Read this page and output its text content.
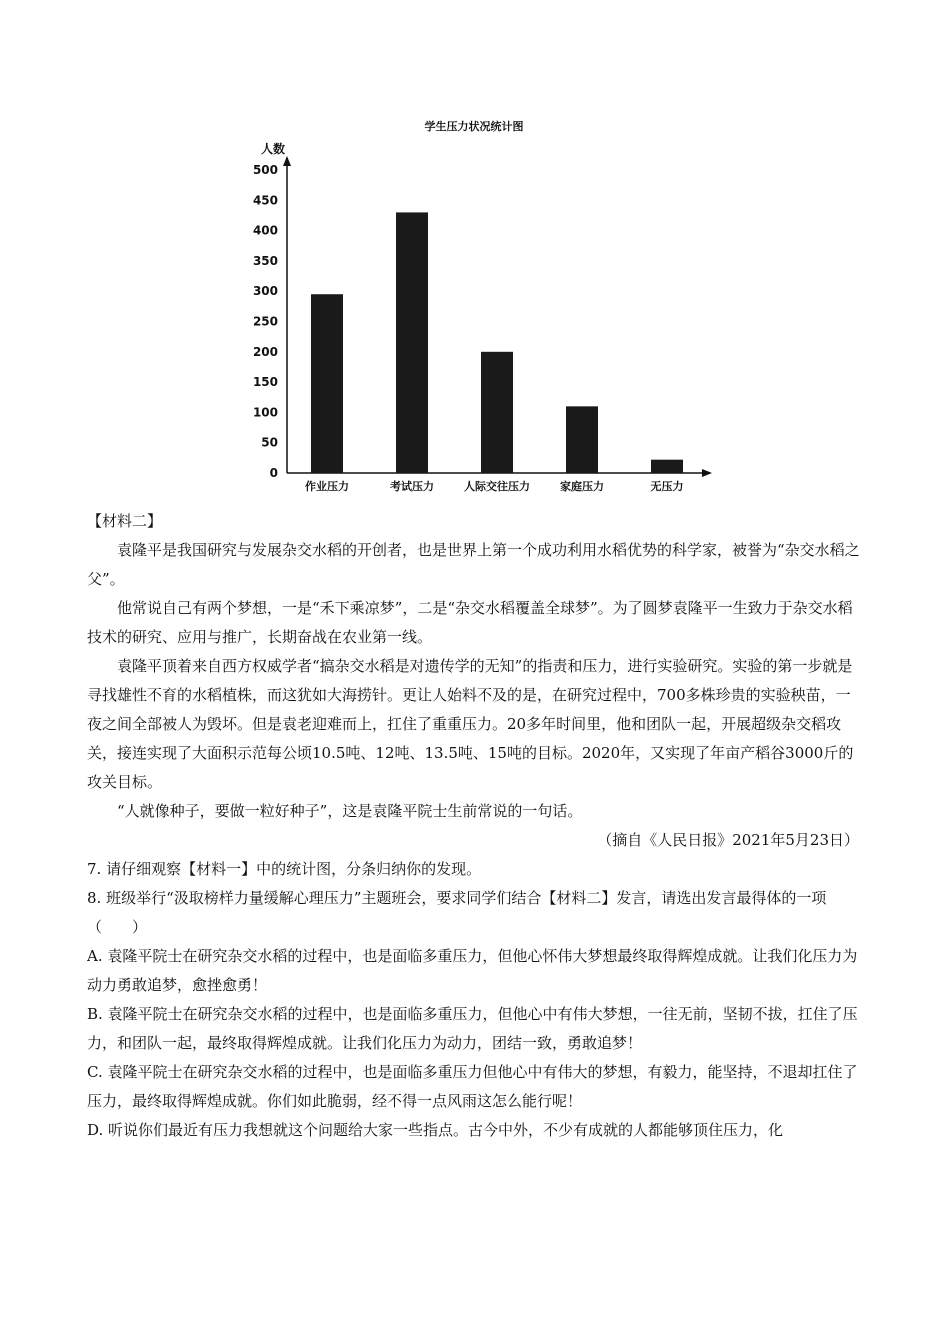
学生压力状况统计图
人数
0
50
100
150
200
250
300
350
400
450
500
作业压力	考试压力	人际交往压力	家庭压力	无压力

【材料二】

袁隆平是我国研究与发展杂交水稻的开创者，也是世界上第一个成功利用水稻优势的科学家，被誉为“杂交水稻之父”。

他常说自己有两个梦想，一是“禾下乘凉梦”，二是“杂交水稻覆盖全球梦”。为了圆梦袁隆平一生致力于杂交水稻技术的研究、应用与推广，长期奋战在农业第一线。

袁隆平顶着来自西方权威学者“搞杂交水稻是对遗传学的无知”的指责和压力，进行实验研究。实验的第一步就是寻找雄性不育的水稻植株，而这犹如大海捞针。更让人始料不及的是，在研究过程中，700多株珍贵的实验秧苗，一夜之间全部被人为毁坏。但是袁老迎难而上，扛住了重重压力。20多年时间里，他和团队一起，开展超级杂交稻攻关，接连实现了大面积示范每公顷10.5吨、12吨、13.5吨、15吨的目标。2020年，又实现了年亩产稻谷3000斤的攻关目标。

“人就像种子，要做一粒好种子”，这是袁隆平院士生前常说的一句话。

（摘自《人民日报》2021年5月23日）

7. 请仔细观察【材料一】中的统计图，分条归纳你的发现。

8. 班级举行“汲取榜样力量缓解心理压力”主题班会，要求同学们结合【材料二】发言，请选出发言最得体的一项（　　）

A. 袁隆平院士在研究杂交水稻的过程中，也是面临多重压力，但他心怀伟大梦想最终取得辉煌成就。让我们化压力为动力勇敢追梦，愈挫愈勇！

B. 袁隆平院士在研究杂交水稻的过程中，也是面临多重压力，但他心中有伟大梦想，一往无前，坚韧不拔，扛住了压力，和团队一起，最终取得辉煌成就。让我们化压力为动力，团结一致，勇敢追梦！

C. 袁隆平院士在研究杂交水稻的过程中，也是面临多重压力但他心中有伟大的梦想，有毅力，能坚持，不退却扛住了压力，最终取得辉煌成就。你们如此脆弱，经不得一点风雨这怎么能行呢！

D. 听说你们最近有压力我想就这个问题给大家一些指点。古今中外，不少有成就的人都能够顶住压力，化
